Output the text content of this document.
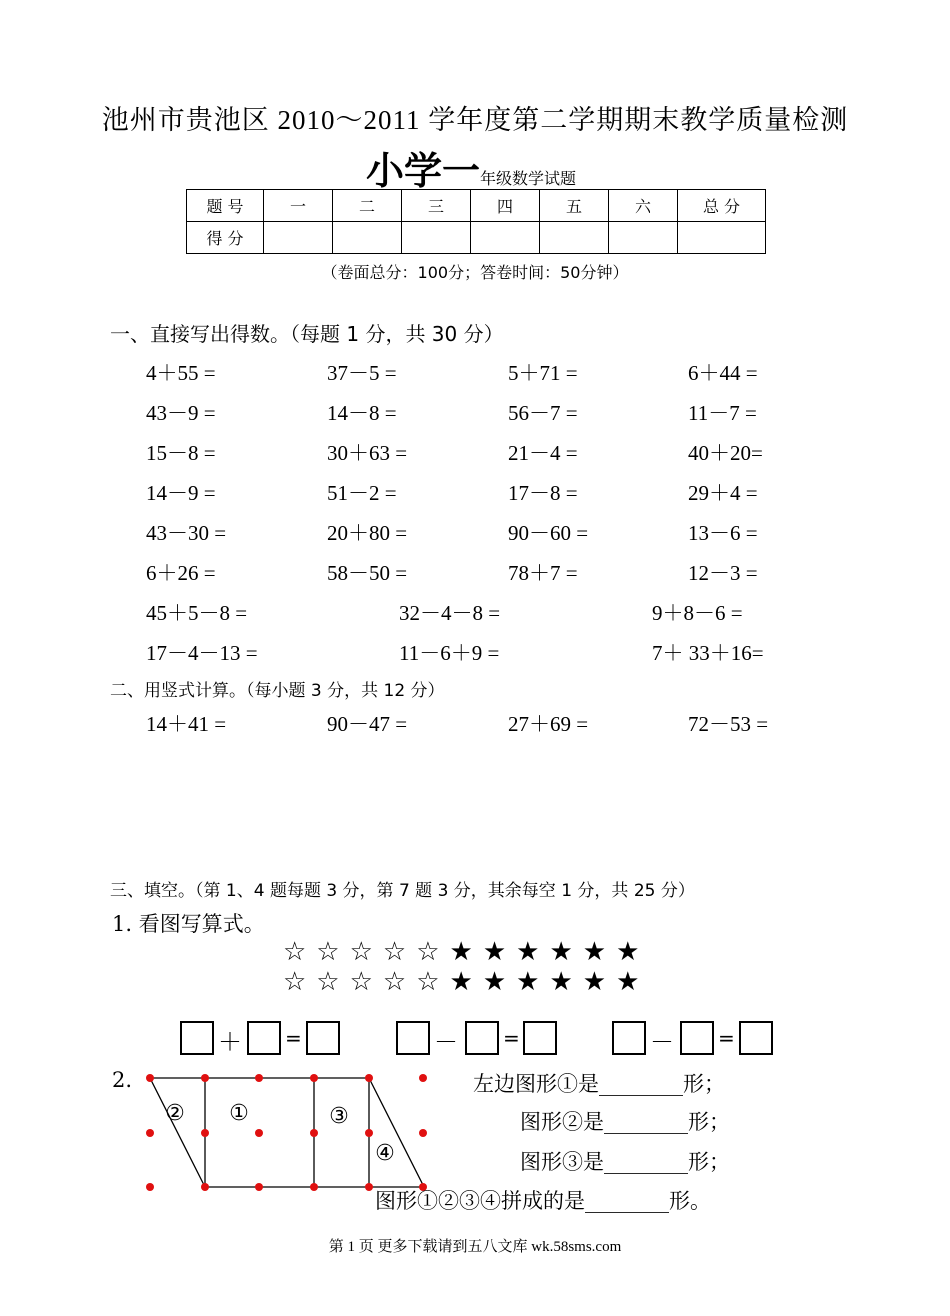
池州市贵池区 2010～2011 学年度第二学期期末教学质量检测
小学一年级数学试题
题 号	一	二	三	四	五	六	总 分
得 分							
（卷面总分：100分；答卷时间：50分钟）
一、直接写出得数。（每题 1 分，共 30 分）
4＋55 =	37－5 =	5＋71 =	6＋44 =
43－9 =	14－8 =	56－7 =	11－7 =
15－8 =	30＋63 =	21－4 =	40＋20=
14－9 =	51－2 =	17－8 =	29＋4 =
43－30 =	20＋80 =	90－60 =	13－6 =
6＋26 =	58－50 =	78＋7 =	12－3 =
45＋5－8 =	32－4－8 =	9＋8－6 =
17－4－13 =	11－6＋9 =	7＋ 33＋16=
二、用竖式计算。（每小题 3 分，共 12 分）
14＋41 =	90－47 =	27＋69 =	72－53 =
三、填空。（第 1、4 题每题 3 分，第 7 题 3 分，其余每空 1 分，共 25 分）
1. 看图写算式。
☆☆☆☆☆★★★★★★
☆☆☆☆☆★★★★★★
＋ =	－ =	－ =
2.
② ①	③
④
左边图形①是________形；
图形②是________形；
图形③是________形；
图形①②③④拼成的是________形。
第 1 页 更多下载请到五八文库 wk.58sms.com
